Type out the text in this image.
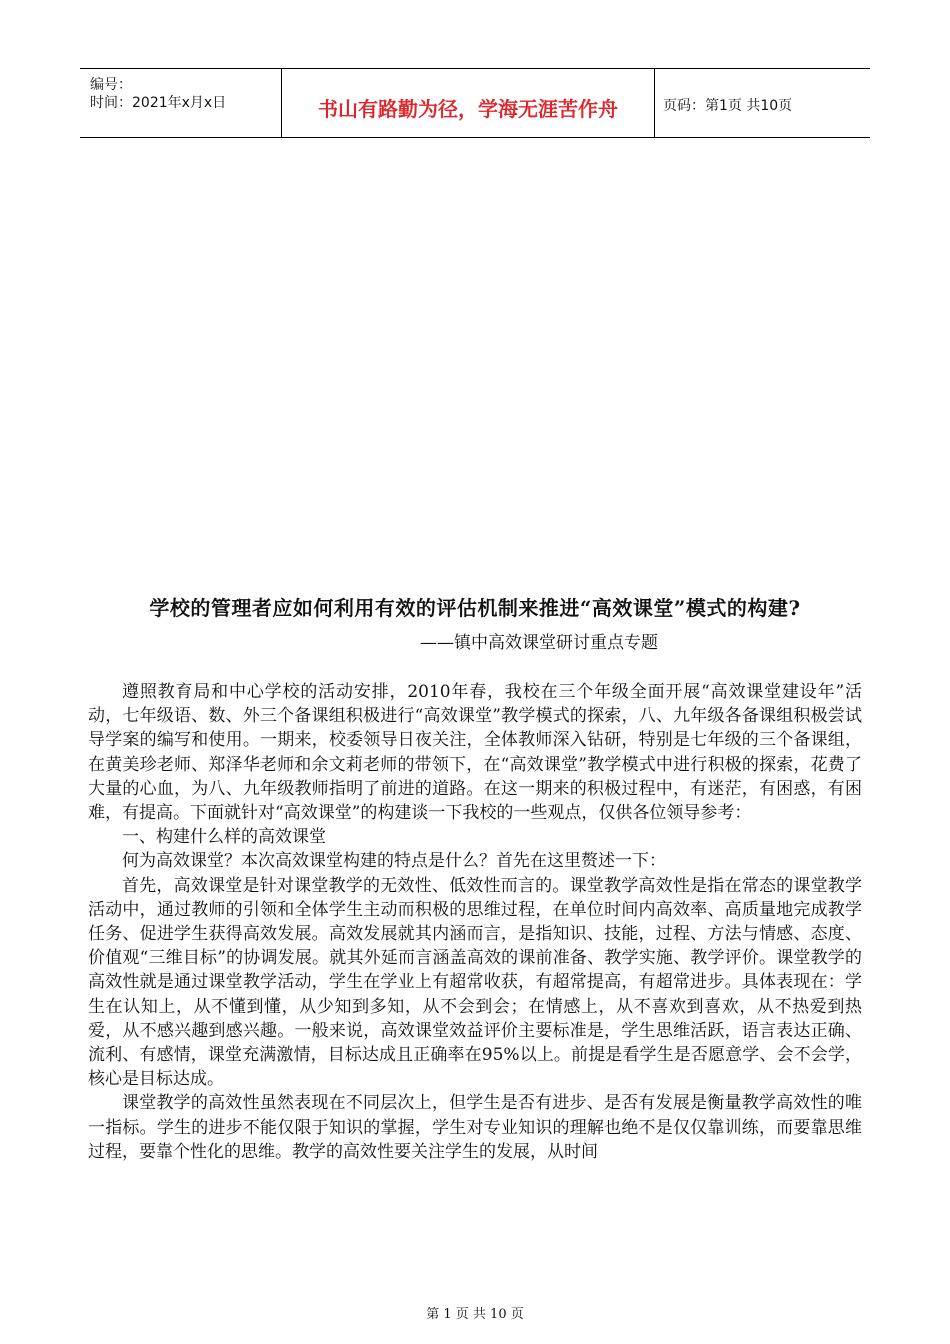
编号：
时间：2021年x月x日	书山有路勤为径，学海无涯苦作舟	页码：第1页 共10页
学校的管理者应如何利用有效的评估机制来推进“高效课堂”模式的构建?
——镇中高效课堂研讨重点专题

遵照教育局和中心学校的活动安排，2010年春，我校在三个年级全面开展“高效课堂建设年”活动，七年级语、数、外三个备课组积极进行“高效课堂”教学模式的探索，八、九年级各备课组积极尝试导学案的编写和使用。一期来，校委领导日夜关注，全体教师深入钻研，特别是七年级的三个备课组，在黄美珍老师、郑泽华老师和余文莉老师的带领下，在“高效课堂”教学模式中进行积极的探索，花费了大量的心血，为八、九年级教师指明了前进的道路。在这一期来的积极过程中，有迷茫，有困惑，有困难，有提高。下面就针对“高效课堂”的构建谈一下我校的一些观点，仅供各位领导参考：

一、构建什么样的高效课堂

何为高效课堂？本次高效课堂构建的特点是什么？首先在这里赘述一下：

首先，高效课堂是针对课堂教学的无效性、低效性而言的。课堂教学高效性是指在常态的课堂教学活动中，通过教师的引领和全体学生主动而积极的思维过程，在单位时间内高效率、高质量地完成教学任务、促进学生获得高效发展。高效发展就其内涵而言，是指知识、技能，过程、方法与情感、态度、价值观“三维目标”的协调发展。就其外延而言涵盖高效的课前准备、教学实施、教学评价。课堂教学的高效性就是通过课堂教学活动，学生在学业上有超常收获，有超常提高，有超常进步。具体表现在：学生在认知上，从不懂到懂，从少知到多知，从不会到会；在情感上，从不喜欢到喜欢，从不热爱到热爱，从不感兴趣到感兴趣。一般来说，高效课堂效益评价主要标准是，学生思维活跃，语言表达正确、流利、有感情，课堂充满激情，目标达成且正确率在95%以上。前提是看学生是否愿意学、会不会学，核心是目标达成。

课堂教学的高效性虽然表现在不同层次上，但学生是否有进步、是否有发展是衡量教学高效性的唯一指标。学生的进步不能仅限于知识的掌握，学生对专业知识的理解也绝不是仅仅靠训练，而要靠思维过程，要靠个性化的思维。教学的高效性要关注学生的发展，从时间

第 1 页 共 10 页
